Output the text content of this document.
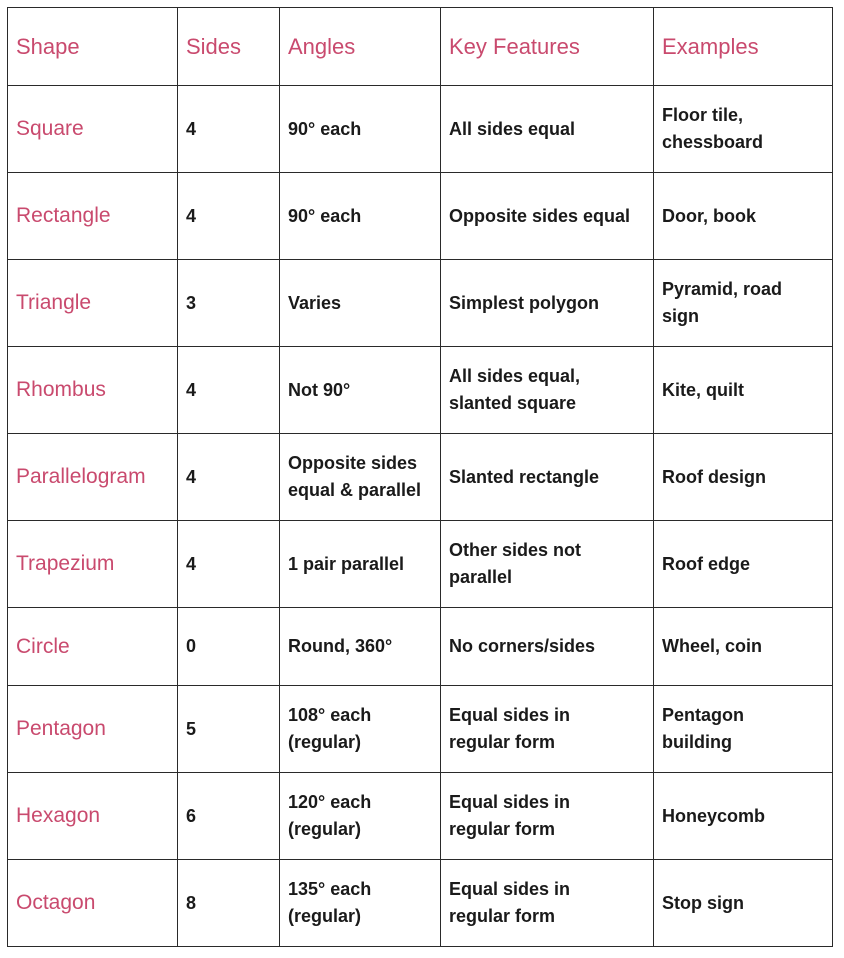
Shape	Sides	Angles	Key Features	Examples
Square	4	90° each	All sides equal	Floor tile,
chessboard

Rectangle	4	90° each	Opposite sides equal	Door, book

Triangle	3	Varies	Simplest polygon	Pyramid, road
sign

Rhombus	4	Not 90°	All sides equal,
slanted square	Kite, quilt

Parallelogram	4	Opposite sides
equal & parallel	Slanted rectangle	Roof design

Trapezium	4	1 pair parallel	Other sides not
parallel	Roof edge

Circle	0	Round, 360°	No corners/sides	Wheel, coin

Pentagon	5	108° each
(regular)	Equal sides in
regular form	Pentagon
building

Hexagon	6	120° each
(regular)	Equal sides in
regular form	Honeycomb

Octagon	8	135° each
(regular)	Equal sides in
regular form	Stop sign
